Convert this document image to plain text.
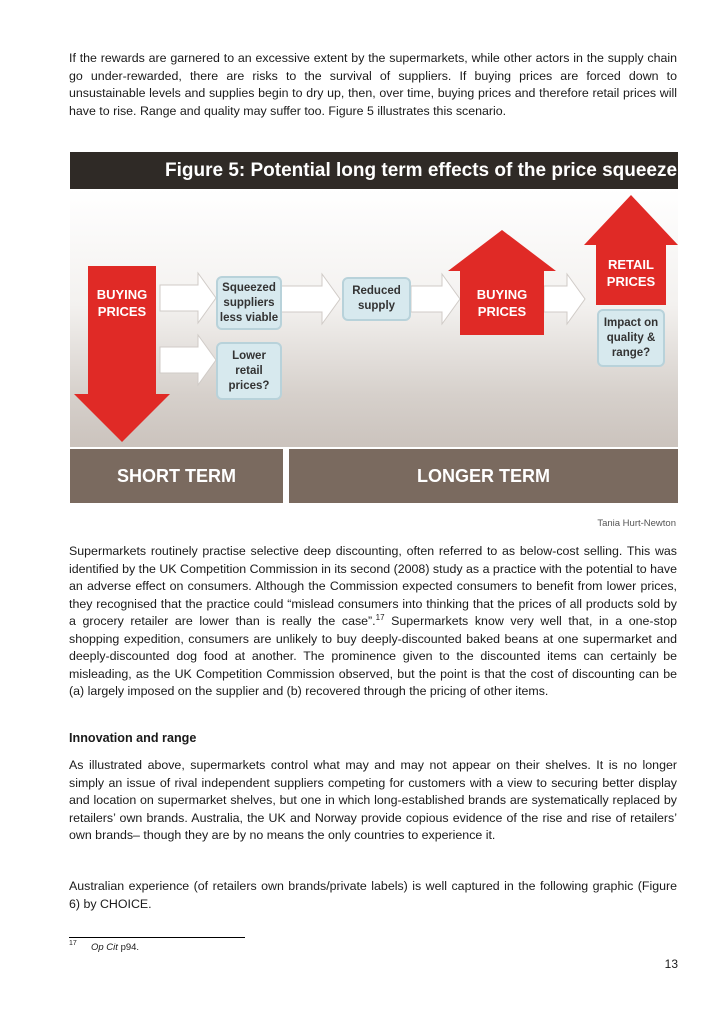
If the rewards are garnered to an excessive extent by the supermarkets, while other actors in the supply chain go under-rewarded, there are risks to the survival of suppliers. If buying prices are forced down to unsustainable levels and supplies begin to dry up, then, over time, buying prices and therefore retail prices will have to rise. Range and quality may suffer too. Figure 5 illustrates this scenario.

Figure 5: Potential long term effects of the price squeeze
BUYING PRICES
Squeezed suppliers less viable
Lower retail prices?
Reduced supply
BUYING PRICES
RETAIL PRICES
Impact on quality & range?
SHORT TERM	LONGER TERM
Tania Hurt-Newton

Supermarkets routinely practise selective deep discounting, often referred to as below-cost selling. This was identified by the UK Competition Commission in its second (2008) study as a practice with the potential to have an adverse effect on consumers. Although the Commission expected consumers to benefit from lower prices, they recognised that the practice could “mislead consumers into thinking that the prices of all products sold by a grocery retailer are lower than is really the case”.$^{17}$ Supermarkets know very well that, in a one-stop shopping expedition, consumers are unlikely to buy deeply-discounted baked beans at one supermarket and deeply-discounted dog food at another. The prominence given to the discounted items can certainly be misleading, as the UK Competition Commission observed, but the point is that the cost of discounting can be (a) largely imposed on the supplier and (b) recovered through the pricing of other items.

Innovation and range

As illustrated above, supermarkets control what may and may not appear on their shelves. It is no longer simply an issue of rival independent suppliers competing for customers with a view to securing better display and location on supermarket shelves, but one in which long-established brands are systematically replaced by retailers’ own brands. Australia, the UK and Norway provide copious evidence of the rise and rise of retailers’ own brands– though they are by no means the only countries to experience it.

Australian experience (of retailers own brands/private labels) is well captured in the following graphic (Figure 6) by CHOICE.

17 Op Cit p94.
13
